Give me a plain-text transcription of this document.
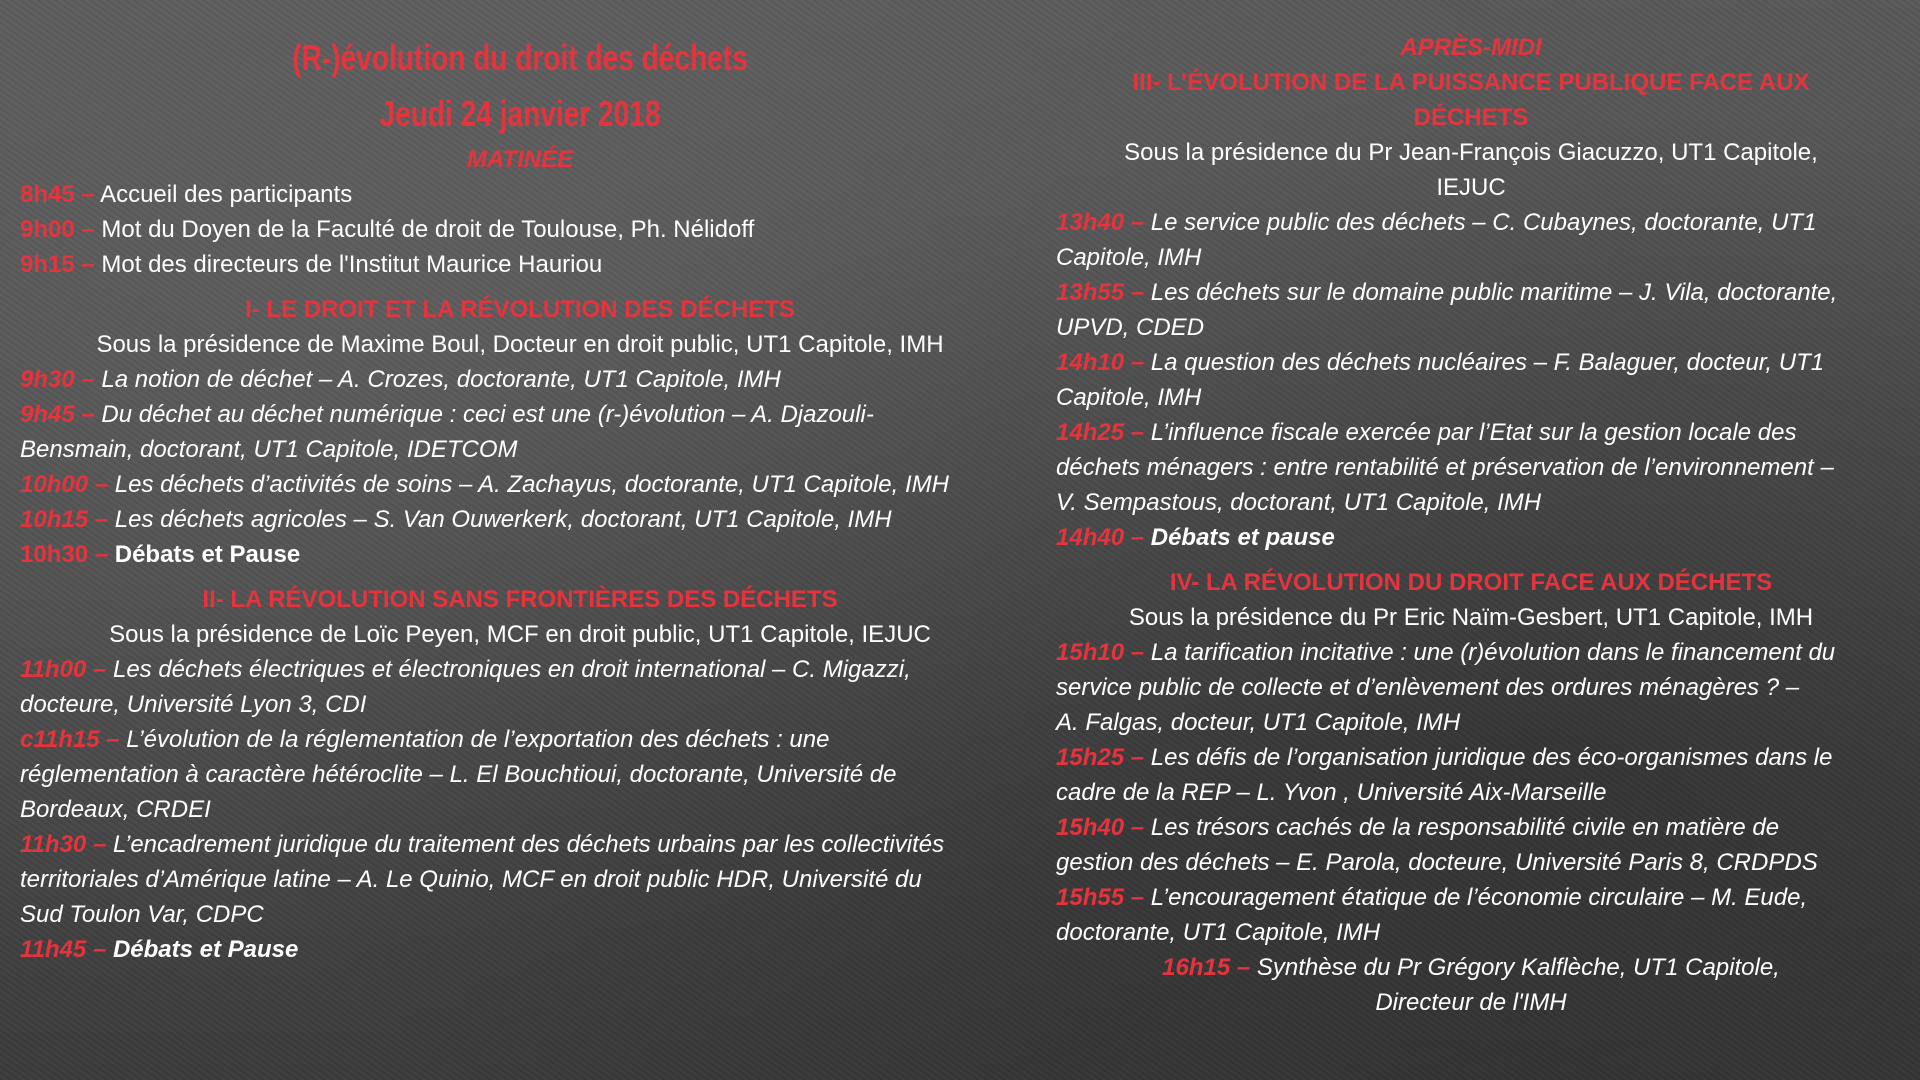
(R-)évolution du droit des déchets

Jeudi 24 janvier 2018

MATINÉE

8h45 – Accueil des participants

9h00 – Mot du Doyen de la Faculté de droit de Toulouse, Ph. Nélidoff

9h15 – Mot des directeurs de l'Institut Maurice Hauriou

I- LE DROIT ET LA RÉVOLUTION DES DÉCHETS

Sous la présidence de Maxime Boul, Docteur en droit public, UT1 Capitole, IMH

9h30 – La notion de déchet – A. Crozes, doctorante, UT1 Capitole, IMH

9h45 – Du déchet au déchet numérique : ceci est une (r-)évolution – A. Djazouli-

Bensmain, doctorant, UT1 Capitole, IDETCOM

10h00 – Les déchets d’activités de soins – A. Zachayus, doctorante, UT1 Capitole, IMH

10h15 – Les déchets agricoles – S. Van Ouwerkerk, doctorant, UT1 Capitole, IMH

10h30 – Débats et Pause

II- LA RÉVOLUTION SANS FRONTIÈRES DES DÉCHETS

Sous la présidence de Loïc Peyen, MCF en droit public, UT1 Capitole, IEJUC

11h00 – Les déchets électriques et électroniques en droit international – C. Migazzi,

docteure, Université Lyon 3, CDI

c11h15 – L’évolution de la réglementation de l’exportation des déchets : une

réglementation à caractère hétéroclite – L. El Bouchtioui, doctorante, Université de

Bordeaux, CRDEI

11h30 – L’encadrement juridique du traitement des déchets urbains par les collectivités

territoriales d’Amérique latine – A. Le Quinio, MCF en droit public HDR, Université du

Sud Toulon Var, CDPC

11h45 – Débats et Pause

APRÈS-MIDI

III- L’ÉVOLUTION DE LA PUISSANCE PUBLIQUE FACE AUX

DÉCHETS

Sous la présidence du Pr Jean-François Giacuzzo, UT1 Capitole,

IEJUC

13h40 – Le service public des déchets – C. Cubaynes, doctorante, UT1

Capitole, IMH

13h55 – Les déchets sur le domaine public maritime – J. Vila, doctorante,

UPVD, CDED

14h10 – La question des déchets nucléaires – F. Balaguer, docteur, UT1

Capitole, IMH

14h25 – L’influence fiscale exercée par l’Etat sur la gestion locale des

déchets ménagers : entre rentabilité et préservation de l’environnement –

V. Sempastous, doctorant, UT1 Capitole, IMH

14h40 – Débats et pause

IV- LA RÉVOLUTION DU DROIT FACE AUX DÉCHETS

Sous la présidence du Pr Eric Naïm-Gesbert, UT1 Capitole, IMH

15h10 – La tarification incitative : une (r)évolution dans le financement du

service public de collecte et d’enlèvement des ordures ménagères ? –

A. Falgas, docteur, UT1 Capitole, IMH

15h25 – Les défis de l’organisation juridique des éco-organismes dans le

cadre de la REP – L. Yvon , Université Aix-Marseille

15h40 – Les trésors cachés de la responsabilité civile en matière de

gestion des déchets – E. Parola, docteure, Université Paris 8, CRDPDS

15h55 – L’encouragement étatique de l’économie circulaire – M. Eude,

doctorante, UT1 Capitole, IMH

16h15 – Synthèse du Pr Grégory Kalflèche, UT1 Capitole,

Directeur de l'IMH
